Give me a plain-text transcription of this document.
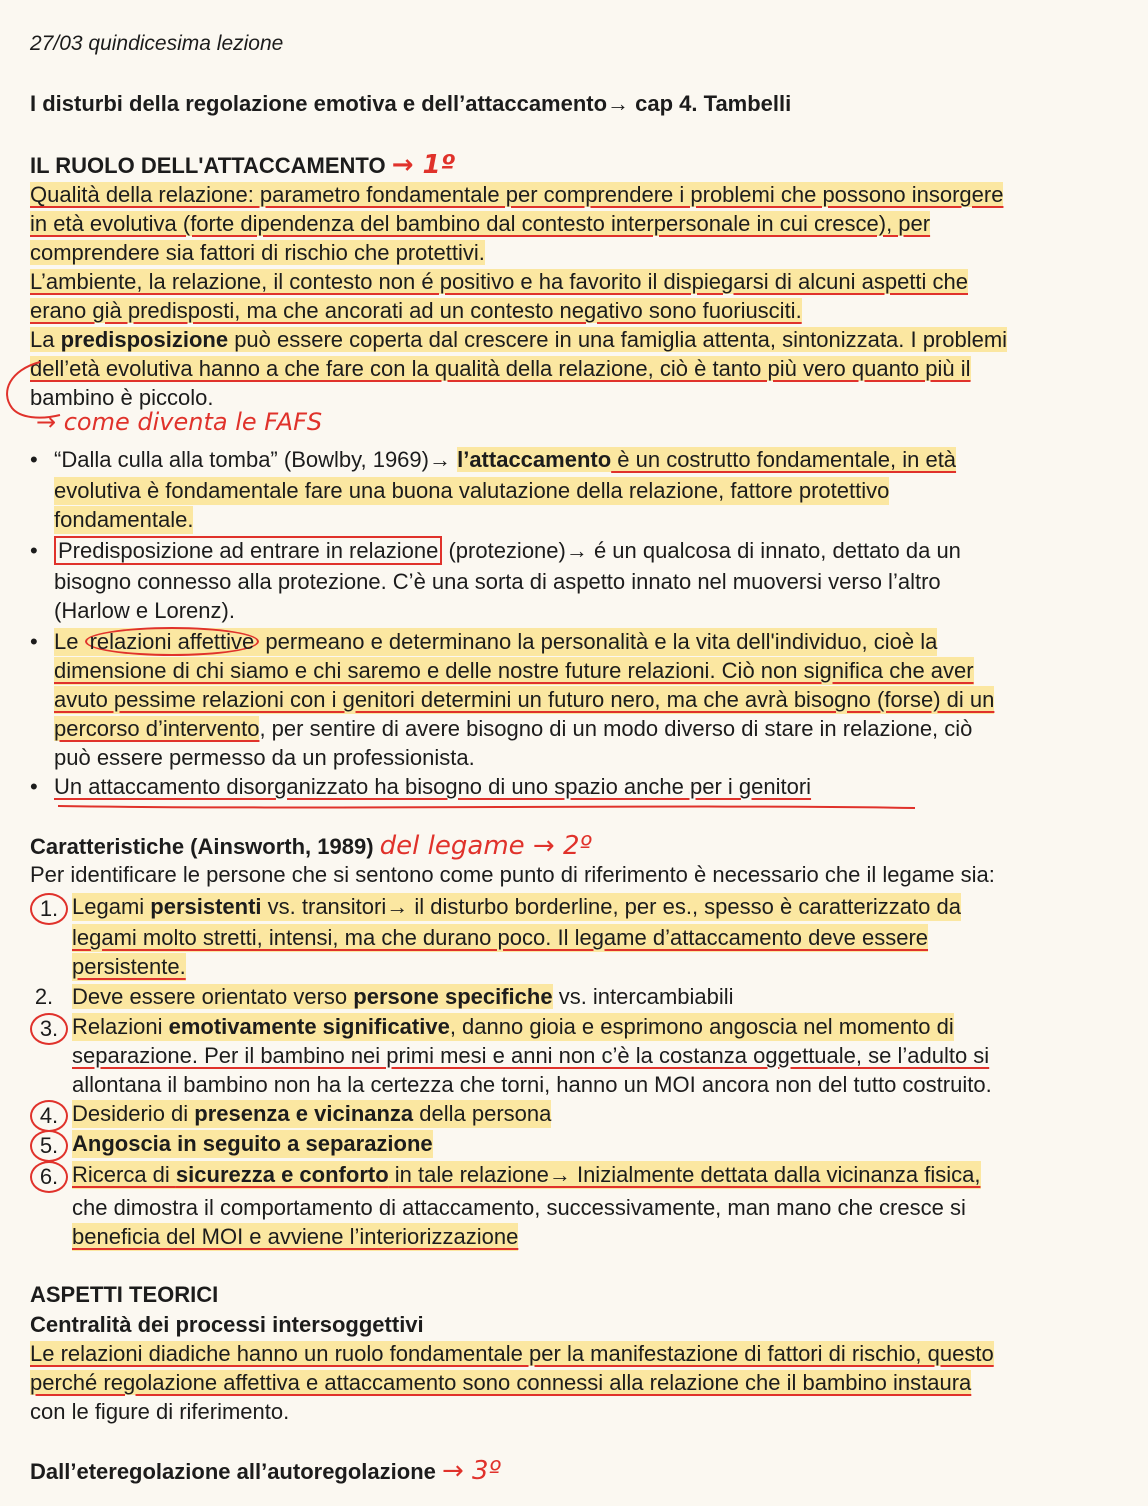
27/03 quindicesima lezione
I disturbi della regolazione emotiva e dell’attaccamento→ cap 4. Tambelli
IL RUOLO DELL'ATTACCAMENTO → 1º
Qualità della relazione: parametro fondamentale per comprendere i problemi che possono insorgere
in età evolutiva (forte dipendenza del bambino dal contesto interpersonale in cui cresce), per
comprendere sia fattori di rischio che protettivi.
L’ambiente, la relazione, il contesto non é positivo e ha favorito il dispiegarsi di alcuni aspetti che
erano già predisposti, ma che ancorati ad un contesto negativo sono fuoriusciti.
La predisposizione può essere coperta dal crescere in una famiglia attenta, sintonizzata. I problemi
dell’età evolutiva hanno a che fare con la qualità della relazione, ciò è tanto più vero quanto più il
bambino è piccolo.
→ come diventa le FAFS
• “Dalla culla alla tomba” (Bowlby, 1969)→ l’attaccamento è un costrutto fondamentale, in età
evolutiva è fondamentale fare una buona valutazione della relazione, fattore protettivo
fondamentale.
• Predisposizione ad entrare in relazione (protezione)→ é un qualcosa di innato, dettato da un
bisogno connesso alla protezione. C’è una sorta di aspetto innato nel muoversi verso l’altro
(Harlow e Lorenz).
• Le relazioni affettive permeano e determinano la personalità e la vita dell'individuo, cioè la
dimensione di chi siamo e chi saremo e delle nostre future relazioni. Ciò non significa che aver
avuto pessime relazioni con i genitori determini un futuro nero, ma che avrà bisogno (forse) di un
percorso d’intervento, per sentire di avere bisogno di un modo diverso di stare in relazione, ciò
può essere permesso da un professionista.
• Un attaccamento disorganizzato ha bisogno di uno spazio anche per i genitori
Caratteristiche (Ainsworth, 1989) del legame → 2º
Per identificare le persone che si sentono come punto di riferimento è necessario che il legame sia:
1. Legami persistenti vs. transitori→ il disturbo borderline, per es., spesso è caratterizzato da
legami molto stretti, intensi, ma che durano poco. Il legame d’attaccamento deve essere
persistente.
2. Deve essere orientato verso persone specifiche vs. intercambiabili
3. Relazioni emotivamente significative, danno gioia e esprimono angoscia nel momento di
separazione. Per il bambino nei primi mesi e anni non c’è la costanza oggettuale, se l’adulto si
allontana il bambino non ha la certezza che torni, hanno un MOI ancora non del tutto costruito.
4. Desiderio di presenza e vicinanza della persona
5. Angoscia in seguito a separazione
6. Ricerca di sicurezza e conforto in tale relazione→ Inizialmente dettata dalla vicinanza fisica,
che dimostra il comportamento di attaccamento, successivamente, man mano che cresce si
beneficia del MOI e avviene l’interiorizzazione
ASPETTI TEORICI
Centralità dei processi intersoggettivi
Le relazioni diadiche hanno un ruolo fondamentale per la manifestazione di fattori di rischio, questo
perché regolazione affettiva e attaccamento sono connessi alla relazione che il bambino instaura
con le figure di riferimento.
Dall’eteregolazione all’autoregolazione → 3º
